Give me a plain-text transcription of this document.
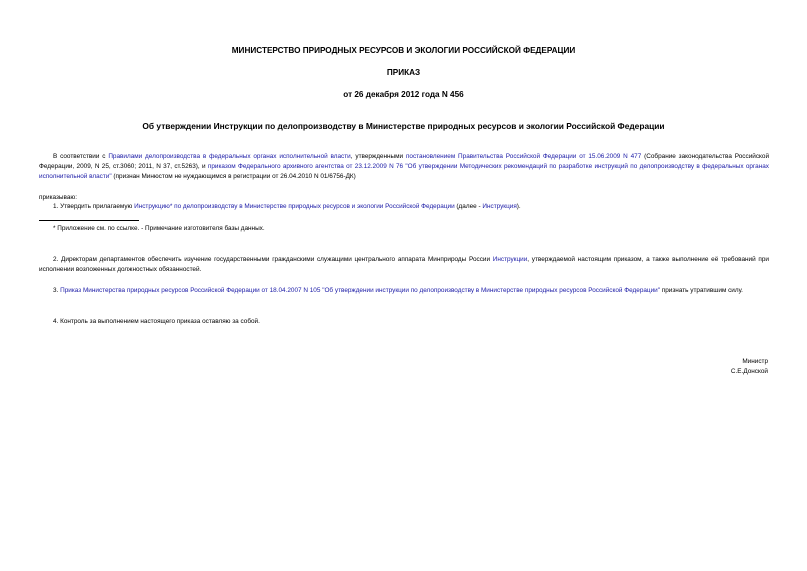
МИНИСТЕРСТВО ПРИРОДНЫХ РЕСУРСОВ И ЭКОЛОГИИ РОССИЙСКОЙ ФЕДЕРАЦИИ
ПРИКАЗ
от 26 декабря 2012 года N 456
Об утверждении Инструкции по делопроизводству в Министерстве природных ресурсов и экологии Российской Федерации
В соответствии с Правилами делопроизводства в федеральных органах исполнительной власти, утвержденными постановлением Правительства Российской Федерации от 15.06.2009 N 477 (Собрание законодательства Российской Федерации, 2009, N 25, ст.3060; 2011, N 37, ст.5263), и приказом Федерального архивного агентства от 23.12.2009 N 76 "Об утверждении Методических рекомендаций по разработке инструкций по делопроизводству в федеральных органах исполнительной власти" (признан Минюстом не нуждающимся в регистрации от 26.04.2010 N 01/6756-ДК)
приказываю:
1. Утвердить прилагаемую Инструкцию* по делопроизводству в Министерстве природных ресурсов и экологии Российской Федерации (далее - Инструкция).
* Приложение см. по ссылке. - Примечание изготовителя базы данных.
2. Директорам департаментов обеспечить изучение государственными гражданскими служащими центрального аппарата Минприроды России Инструкции, утверждаемой настоящим приказом, а также выполнение её требований при исполнении возложенных должностных обязанностей.
3. Приказ Министерства природных ресурсов Российской Федерации от 18.04.2007 N 105 "Об утверждении инструкции по делопроизводству в Министерстве природных ресурсов Российской Федерации" признать утратившим силу.
4. Контроль за выполнением настоящего приказа оставляю за собой.
Министр
С.Е.Донской
